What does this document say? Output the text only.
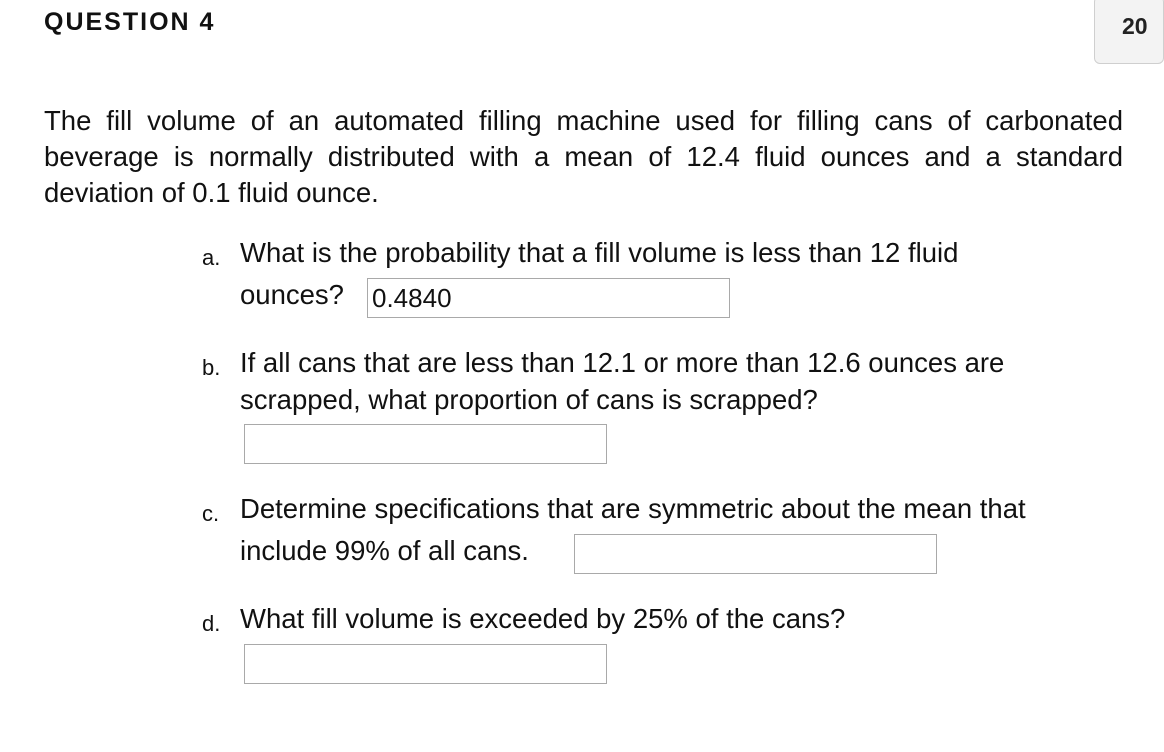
QUESTION 4	20
The fill volume of an automated filling machine used for filling cans of carbonated beverage is normally distributed with a mean of 12.4 fluid ounces and a standard deviation of 0.1 fluid ounce.
a. What is the probability that a fill volume is less than 12 fluid
ounces?
0.4840
b. If all cans that are less than 12.1 or more than 12.6 ounces are
scrapped, what proportion of cans is scrapped?
c. Determine specifications that are symmetric about the mean that
include 99% of all cans.
d. What fill volume is exceeded by 25% of the cans?
